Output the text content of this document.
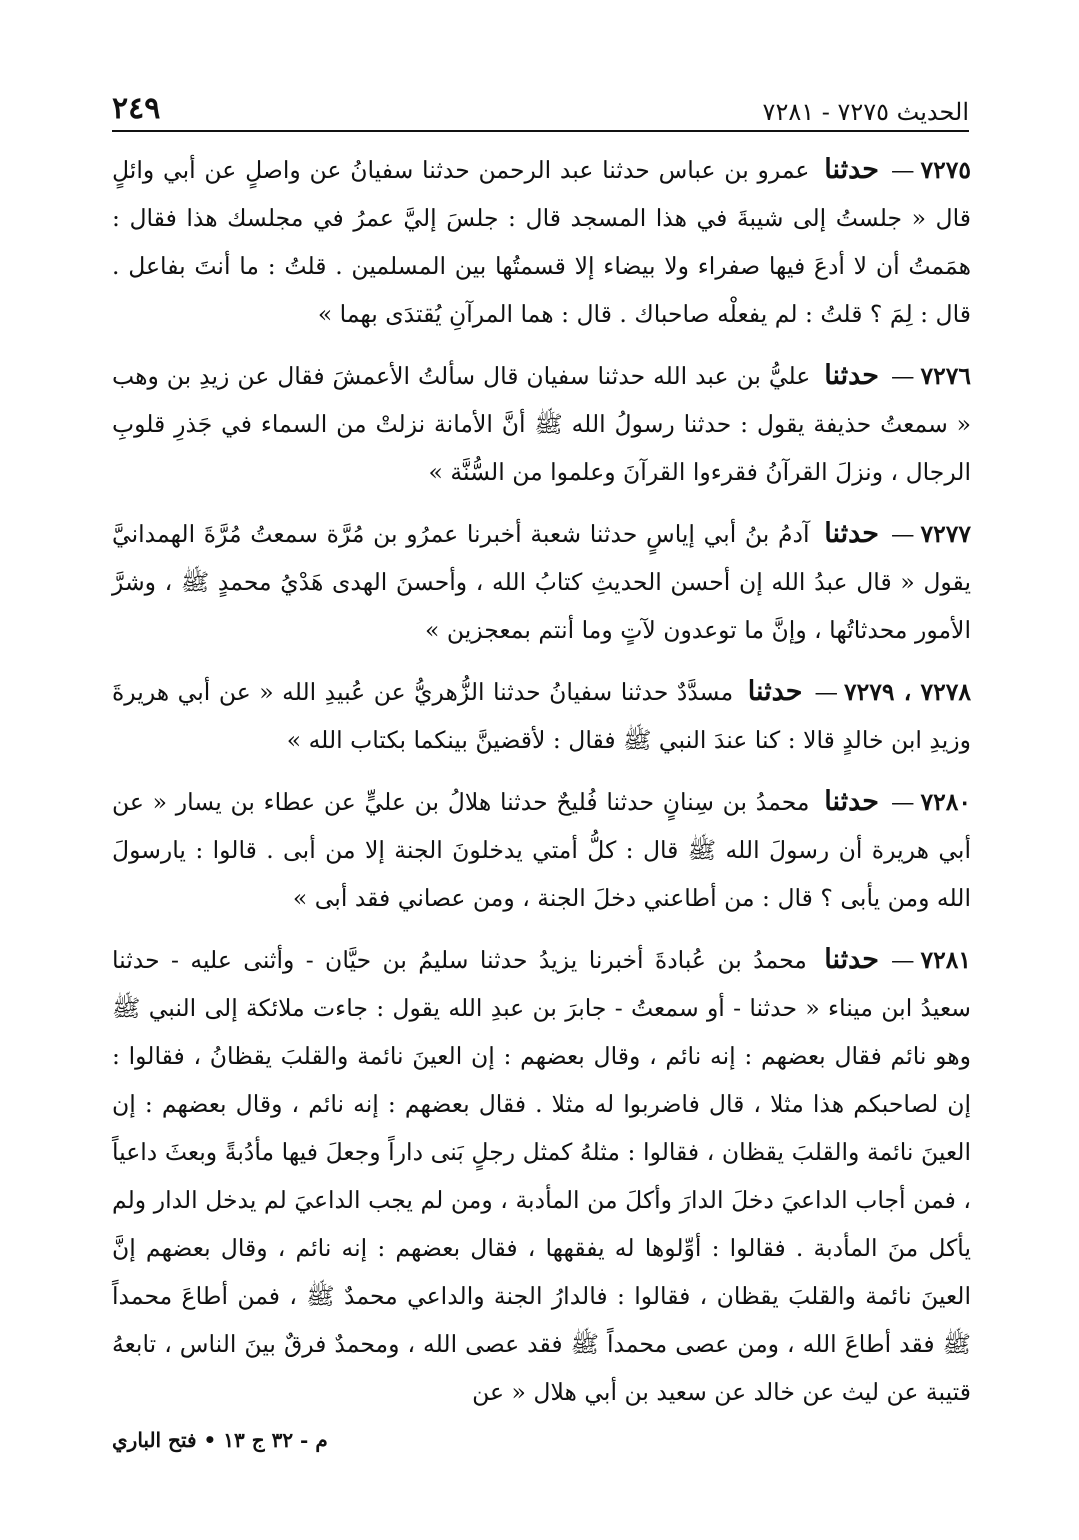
الحديث ٧٢٧٥ - ٧٢٨١
٢٤٩

٧٢٧٥—حدثنا عمرو بن عباس حدثنا عبد الرحمن حدثنا سفيانُ عن واصلٍ عن أبي وائلٍ قال « جلستُ إلى شيبةَ في هذا المسجد قال : جلسَ إليَّ عمرُ في مجلسك هذا فقال : همَمتُ أن لا أدعَ فيها صفراء ولا بيضاء إلا قسمتُها بين المسلمين . قلتُ : ما أنتَ بفاعل . قال : لِمَ ؟ قلتُ : لم يفعلْه صاحباك . قال : هما المرآنِ يُقتدَى بهما »

٧٢٧٦—حدثنا عليُّ بن عبد الله حدثنا سفيان قال سألتُ الأعمشَ فقال عن زيدِ بن وهب « سمعتُ حذيفة يقول : حدثنا رسولُ الله ﷺ أنَّ الأمانة نزلتْ من السماء في جَذرِ قلوبِ الرجال ، ونزلَ القرآنُ فقرءوا القرآنَ وعلموا من السُّنَّة »

٧٢٧٧—حدثنا آدمُ بنُ أبي إياسٍ حدثنا شعبة أخبرنا عمرُو بن مُرَّة سمعتُ مُرَّةَ الهمدانيَّ يقول « قال عبدُ الله إن أحسن الحديثِ كتابُ الله ، وأحسنَ الهدى هَدْيُ محمدٍ ﷺ ، وشرَّ الأمور محدثاتُها ، وإنَّ ما توعدون لآتٍ وما أنتم بمعجزين »

٧٢٧٨ ، ٧٢٧٩—حدثنا مسدَّدٌ حدثنا سفيانُ حدثنا الزُّهريُّ عن عُبيدِ الله « عن أبي هريرةَ وزيدِ ابن خالدٍ قالا : كنا عندَ النبي ﷺ فقال : لأقضينَّ بينكما بكتاب الله »

٧٢٨٠—حدثنا محمدُ بن سِنانٍ حدثنا فُليحٌ حدثنا هلالُ بن عليٍّ عن عطاء بن يسار « عن أبي هريرة أن رسولَ الله ﷺ قال : كلُّ أمتي يدخلونَ الجنة إلا من أبى . قالوا : يارسولَ الله ومن يأبى ؟ قال : من أطاعني دخلَ الجنة ، ومن عصاني فقد أبى »

٧٢٨١—حدثنا محمدُ بن عُبادةَ أخبرنا يزيدُ حدثنا سليمُ بن حيَّان - وأثنى عليه - حدثنا سعيدُ ابن ميناء « حدثنا - أو سمعتُ - جابرَ بن عبدِ الله يقول : جاءت ملائكة إلى النبي ﷺ وهو نائم فقال بعضهم : إنه نائم ، وقال بعضهم : إن العينَ نائمة والقلبَ يقظانُ ، فقالوا : إن لصاحبكم هذا مثلا ، قال فاضربوا له مثلا . فقال بعضهم : إنه نائم ، وقال بعضهم : إن العينَ نائمة والقلبَ يقظان ، فقالوا : مثلهُ كمثل رجلٍ بَنى داراً وجعلَ فيها مأدُبةً وبعثَ داعياً ، فمن أجاب الداعيَ دخلَ الدارَ وأكلَ من المأدبة ، ومن لم يجب الداعيَ لم يدخل الدار ولم يأكل منَ المأدبة . فقالوا : أوِّلوها له يفقهها ، فقال بعضهم : إنه نائم ، وقال بعضهم إنَّ العينَ نائمة والقلبَ يقظان ، فقالوا : فالدارُ الجنة والداعي محمدٌ ﷺ ، فمن أطاعَ محمداً ﷺ فقد أطاعَ الله ، ومن عصى محمداً ﷺ فقد عصى الله ، ومحمدٌ فرقٌ بينَ الناس ، تابعهُ قتيبة عن ليث عن خالد عن سعيد بن أبي هلال « عن

م - ٣٢ ج ١٣ • فتح الباري
